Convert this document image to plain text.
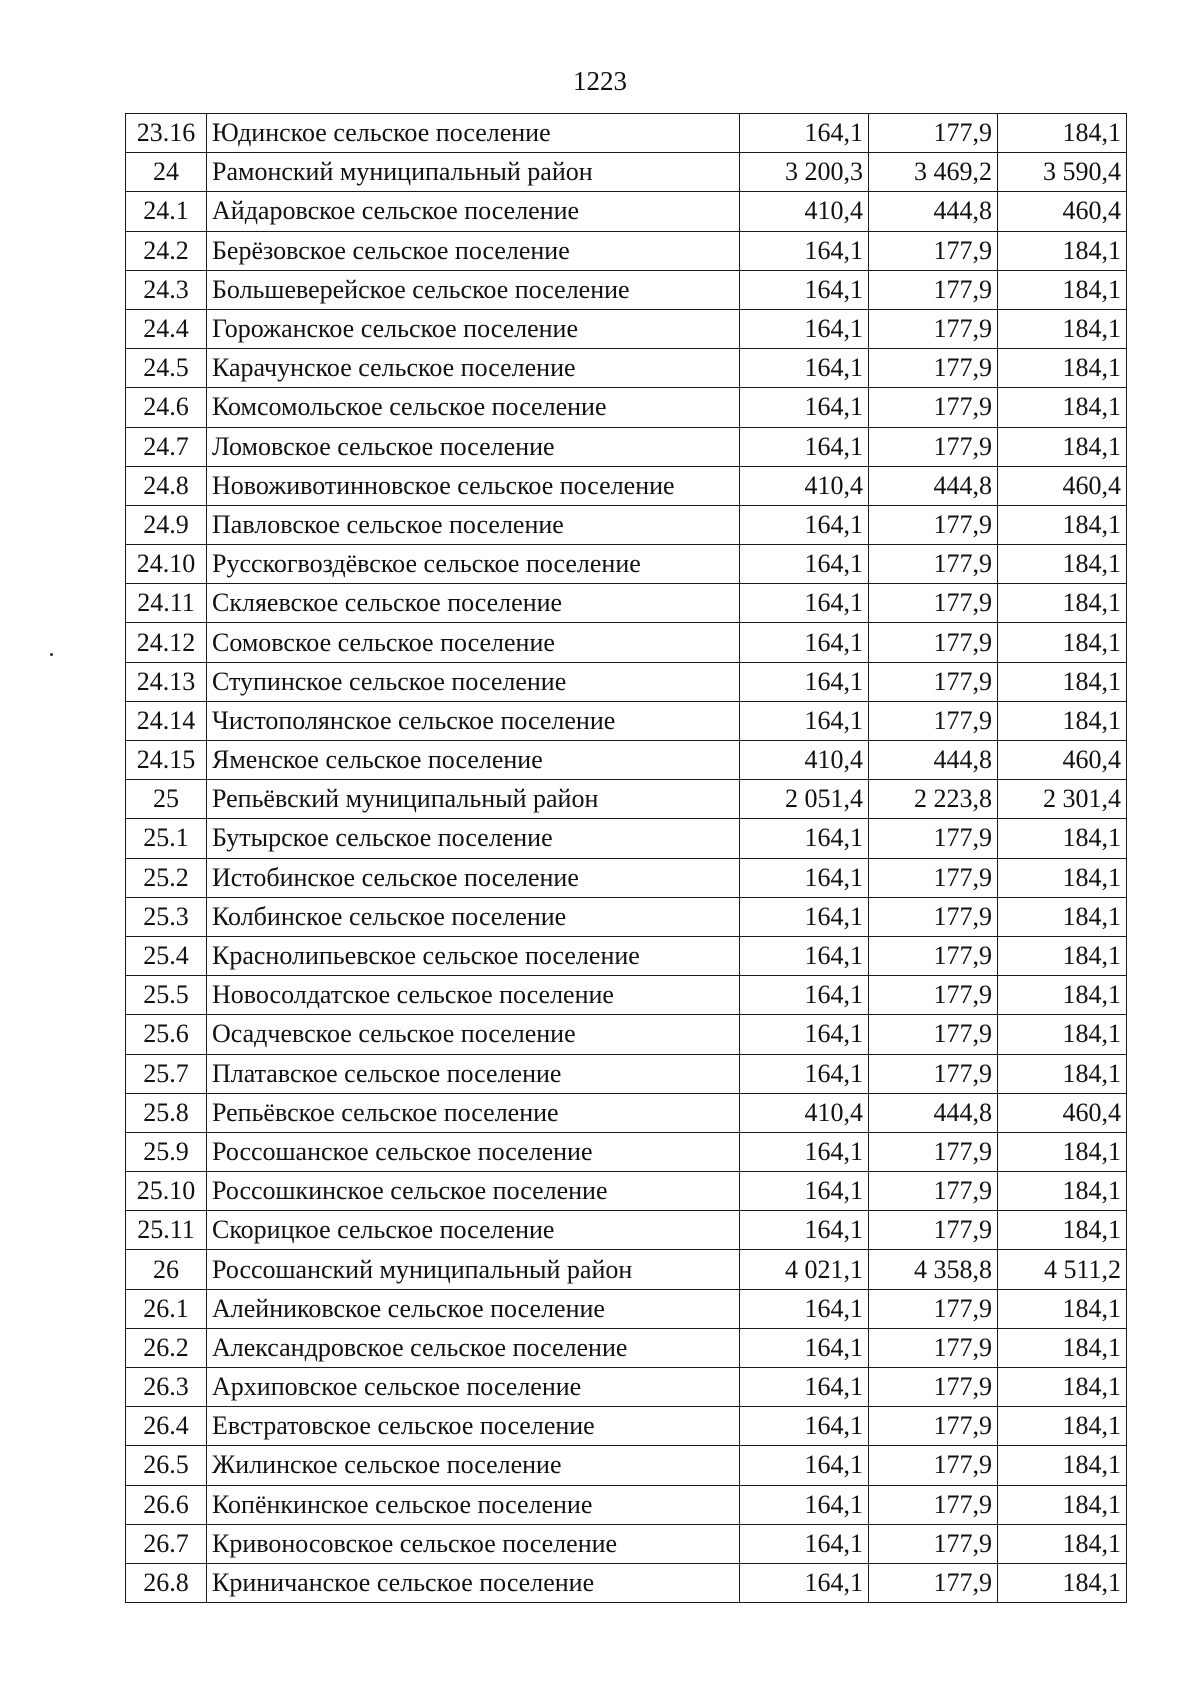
1223
23.16	Юдинское сельское поселение	164,1	177,9	184,1
24	Рамонский муниципальный район	3 200,3	3 469,2	3 590,4
24.1	Айдаровское сельское поселение	410,4	444,8	460,4
24.2	Берёзовское сельское поселение	164,1	177,9	184,1
24.3	Большеверейское сельское поселение	164,1	177,9	184,1
24.4	Горожанское сельское поселение	164,1	177,9	184,1
24.5	Карачунское сельское поселение	164,1	177,9	184,1
24.6	Комсомольское сельское поселение	164,1	177,9	184,1
24.7	Ломовское сельское поселение	164,1	177,9	184,1
24.8	Новоживотинновское сельское поселение	410,4	444,8	460,4
24.9	Павловское сельское поселение	164,1	177,9	184,1
24.10	Русскогвоздёвское сельское поселение	164,1	177,9	184,1
24.11	Скляевское сельское поселение	164,1	177,9	184,1
24.12	Сомовское сельское поселение	164,1	177,9	184,1
24.13	Ступинское сельское поселение	164,1	177,9	184,1
24.14	Чистополянское сельское поселение	164,1	177,9	184,1
24.15	Яменское сельское поселение	410,4	444,8	460,4
25	Репьёвский муниципальный район	2 051,4	2 223,8	2 301,4
25.1	Бутырское сельское поселение	164,1	177,9	184,1
25.2	Истобинское сельское поселение	164,1	177,9	184,1
25.3	Колбинское сельское поселение	164,1	177,9	184,1
25.4	Краснолипьевское сельское поселение	164,1	177,9	184,1
25.5	Новосолдатское сельское поселение	164,1	177,9	184,1
25.6	Осадчевское сельское поселение	164,1	177,9	184,1
25.7	Платавское сельское поселение	164,1	177,9	184,1
25.8	Репьёвское сельское поселение	410,4	444,8	460,4
25.9	Россошанское сельское поселение	164,1	177,9	184,1
25.10	Россошкинское сельское поселение	164,1	177,9	184,1
25.11	Скорицкое сельское поселение	164,1	177,9	184,1
26	Россошанский муниципальный район	4 021,1	4 358,8	4 511,2
26.1	Алейниковское сельское поселение	164,1	177,9	184,1
26.2	Александровское сельское поселение	164,1	177,9	184,1
26.3	Архиповское сельское поселение	164,1	177,9	184,1
26.4	Евстратовское сельское поселение	164,1	177,9	184,1
26.5	Жилинское сельское поселение	164,1	177,9	184,1
26.6	Копёнкинское сельское поселение	164,1	177,9	184,1
26.7	Кривоносовское сельское поселение	164,1	177,9	184,1
26.8	Криничанское сельское поселение	164,1	177,9	184,1
